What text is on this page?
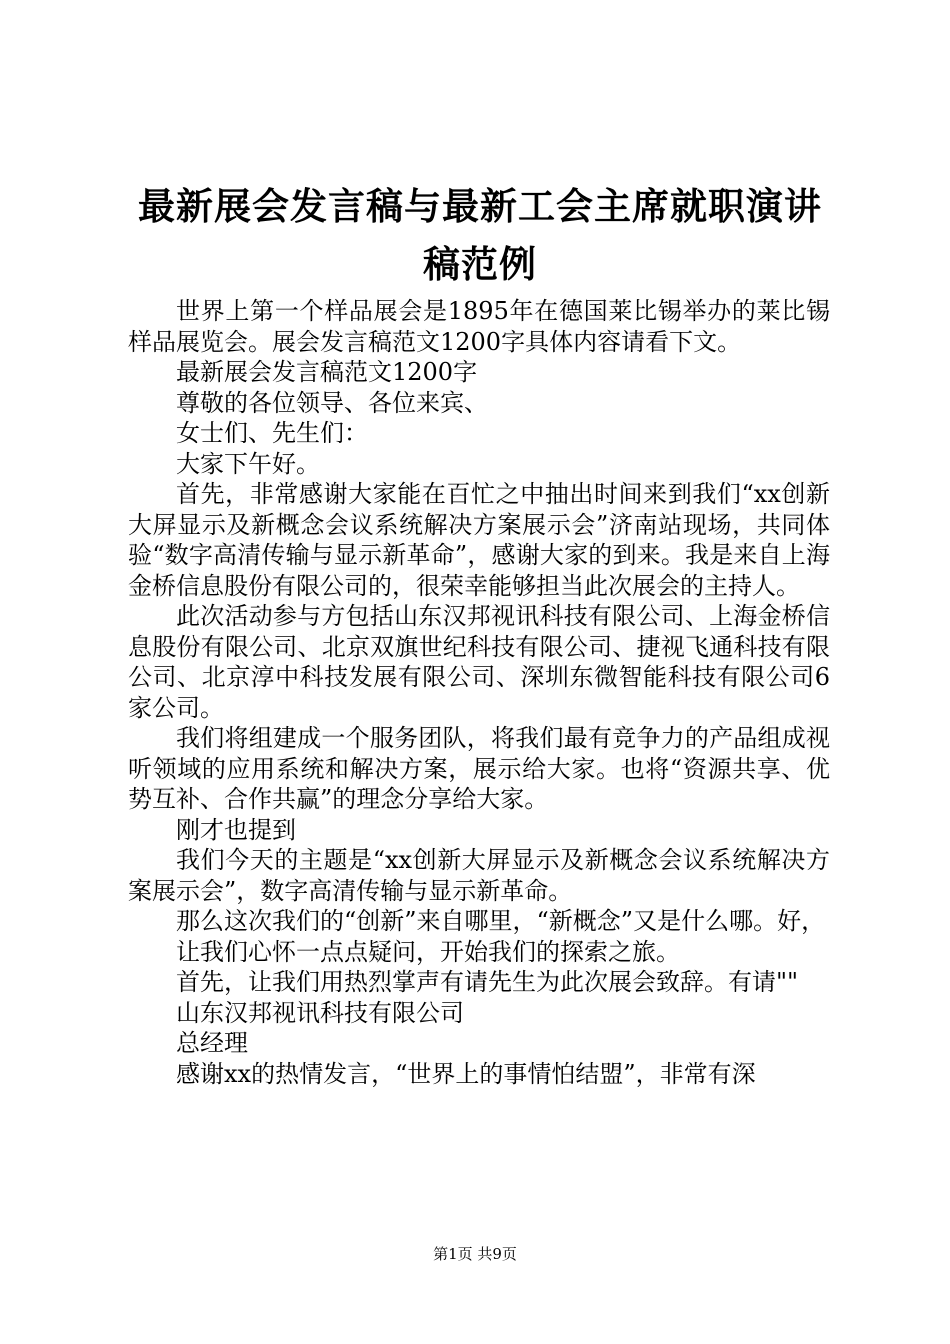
最新展会发言稿与最新工会主席就职演讲稿范例

世界上第一个样品展会是1895年在德国莱比锡举办的莱比锡样品展览会。展会发言稿范文1200字具体内容请看下文。

最新展会发言稿范文1200字

尊敬的各位领导、各位来宾、

女士们、先生们：

大家下午好。

首先，非常感谢大家能在百忙之中抽出时间来到我们“xx创新大屏显示及新概念会议系统解决方案展示会”济南站现场，共同体验“数字高清传输与显示新革命”，感谢大家的到来。我是来自上海金桥信息股份有限公司的，很荣幸能够担当此次展会的主持人。

此次活动参与方包括山东汉邦视讯科技有限公司、上海金桥信息股份有限公司、北京双旗世纪科技有限公司、捷视飞通科技有限公司、北京淳中科技发展有限公司、深圳东微智能科技有限公司6家公司。

我们将组建成一个服务团队，将我们最有竞争力的产品组成视听领域的应用系统和解决方案，展示给大家。也将“资源共享、优势互补、合作共赢”的理念分享给大家。

刚才也提到

我们今天的主题是“xx创新大屏显示及新概念会议系统解决方案展示会”，数字高清传输与显示新革命。

那么这次我们的“创新”来自哪里，“新概念”又是什么哪。好，

让我们心怀一点点疑问，开始我们的探索之旅。

首先，让我们用热烈掌声有请先生为此次展会致辞。有请""

山东汉邦视讯科技有限公司

总经理

感谢xx的热情发言，“世界上的事情怕结盟”，非常有深

第1页 共9页
